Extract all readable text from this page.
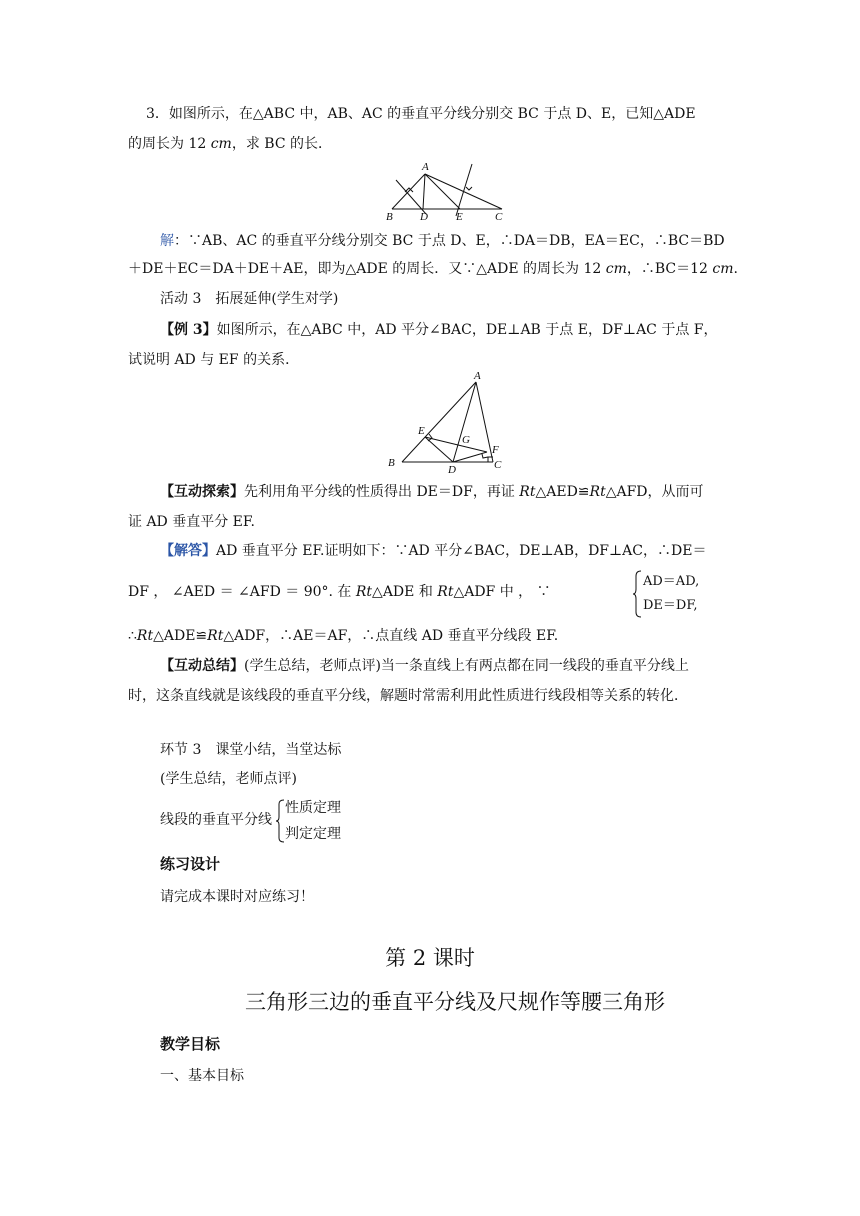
3．如图所示，在△ABC 中，AB、AC 的垂直平分线分别交 BC 于点 D、E，已知△ADE
的周长为 12 cm，求 BC 的长．
A
B D	E	C
解：∵AB、AC 的垂直平分线分别交 BC 于点 D、E，∴DA＝DB，EA＝EC，∴BC＝BD
＋DE＋EC＝DA＋DE＋AE，即为△ADE 的周长．又∵△ADE 的周长为 12 cm，∴BC＝12 cm.
活动 3　拓展延伸(学生对学)
【例 3】如图所示，在△ABC 中，AD 平分∠BAC，DE⊥AB 于点 E，DF⊥AC 于点 F，
试说明 AD 与 EF 的关系．
A
E
G
F
B
D	C
【互动探索】先利用角平分线的性质得出 DE＝DF，再证 Rt△AED≌Rt△AFD，从而可
证 AD 垂直平分 EF.
【解答】AD 垂直平分 EF.证明如下：∵AD 平分∠BAC，DE⊥AB，DF⊥AC，∴DE＝
DF ， ∠AED ＝ ∠AFD ＝ 90°. 在 Rt△ADE 和 Rt△ADF 中 ， ∵
AD＝AD,
DE＝DF,
∴Rt△ADE≌Rt△ADF，∴AE＝AF，∴点直线 AD 垂直平分线段 EF.
【互动总结】(学生总结，老师点评)当一条直线上有两点都在同一线段的垂直平分线上
时，这条直线就是该线段的垂直平分线，解题时常需利用此性质进行线段相等关系的转化．
环节 3　课堂小结，当堂达标
(学生总结，老师点评)
线段的垂直平分线
性质定理
判定定理
练习设计
请完成本课时对应练习！
第 2 课时
三角形三边的垂直平分线及尺规作等腰三角形
教学目标
一、基本目标
